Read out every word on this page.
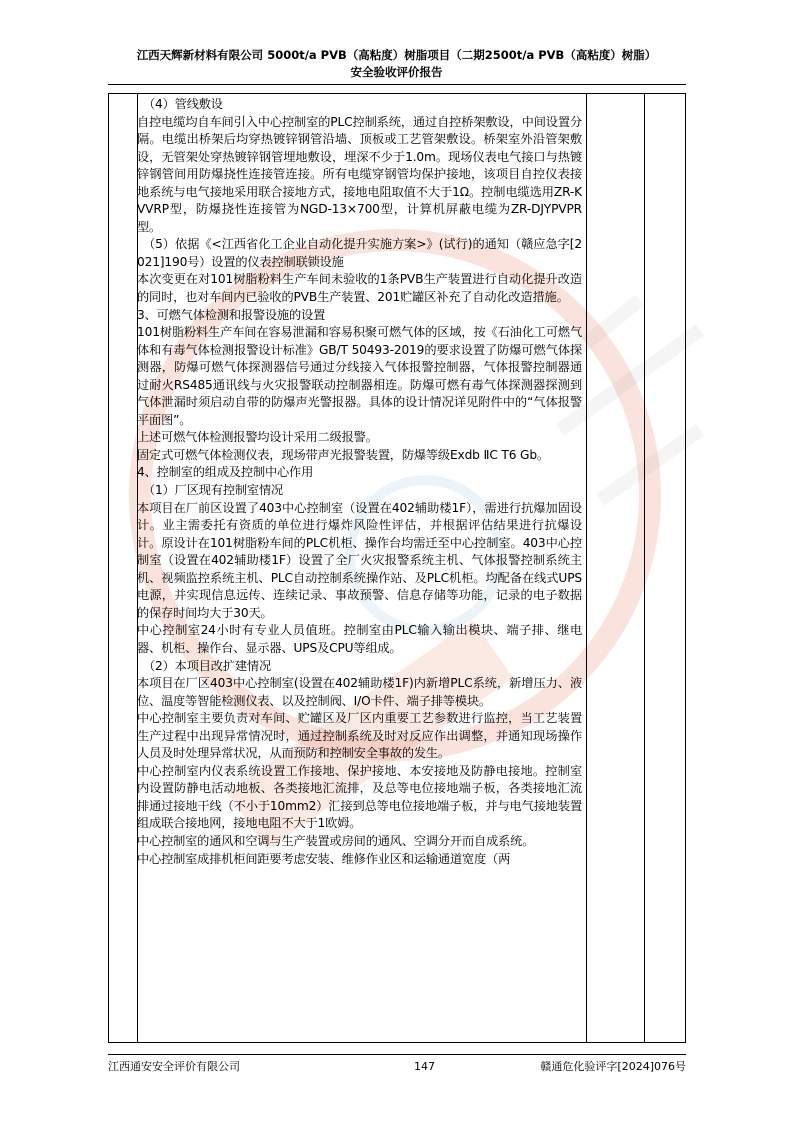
江西天辉新材料有限公司 5000t/a PVB（高粘度）树脂项目（二期2500t/a PVB（高粘度）树脂）
安全验收评价报告

（4）管线敷设

自控电缆均自车间引入中心控制室的PLC控制系统，通过自控桥架敷设，中间设置分隔。电缆出桥架后均穿热镀锌钢管沿墙、顶板或工艺管架敷设。桥架室外沿管架敷设，无管架处穿热镀锌钢管埋地敷设，埋深不少于1.0m。现场仪表电气接口与热镀锌钢管间用防爆挠性连接管连接。所有电缆穿钢管均保护接地，该项目自控仪表接地系统与电气接地采用联合接地方式，接地电阻取值不大于1Ω。控制电缆选用ZR-KVVRP型，防爆挠性连接管为NGD-13×700型，计算机屏蔽电缆为ZR-DJYPVPR型。

（5）依据《<江西省化工企业自动化提升实施方案>》(试行)的通知（赣应急字[2021]190号）设置的仪表控制联锁设施

本次变更在对101树脂粉料生产车间未验收的1条PVB生产装置进行自动化提升改造的同时，也对车间内已验收的PVB生产装置、201贮罐区补充了自动化改造措施。

3、可燃气体检测和报警设施的设置

101树脂粉料生产车间在容易泄漏和容易积聚可燃气体的区域，按《石油化工可燃气体和有毒气体检测报警设计标准》GB/T 50493-2019的要求设置了防爆可燃气体探测器，防爆可燃气体探测器信号通过分线接入气体报警控制器，气体报警控制器通过耐火RS485通讯线与火灾报警联动控制器相连。防爆可燃有毒气体探测器探测到气体泄漏时须启动自带的防爆声光警报器。具体的设计情况详见附件中的“气体报警平面图”。

上述可燃气体检测报警均设计采用二级报警。

固定式可燃气体检测仪表，现场带声光报警装置，防爆等级Exdb ⅡC T6 Gb。

4、控制室的组成及控制中心作用

（1）厂区现有控制室情况

本项目在厂前区设置了403中心控制室（设置在402辅助楼1F），需进行抗爆加固设计。业主需委托有资质的单位进行爆炸风险性评估，并根据评估结果进行抗爆设计。原设计在101树脂粉车间的PLC机柜、操作台均需迁至中心控制室。403中心控制室（设置在402辅助楼1F）设置了全厂火灾报警系统主机、气体报警控制系统主机、视频监控系统主机、PLC自动控制系统操作站、及PLC机柜。均配备在线式UPS电源，并实现信息远传、连续记录、事故预警、信息存储等功能，记录的电子数据的保存时间均大于30天。

中心控制室24小时有专业人员值班。控制室由PLC输入输出模块、端子排、继电器、机柜、操作台、显示器、UPS及CPU等组成。

（2）本项目改扩建情况

本项目在厂区403中心控制室(设置在402辅助楼1F)内新增PLC系统，新增压力、液位、温度等智能检测仪表、以及控制阀、I/O卡件、端子排等模块。

中心控制室主要负责对车间、贮罐区及厂区内重要工艺参数进行监控，当工艺装置生产过程中出现异常情况时，通过控制系统及时对反应作出调整，并通知现场操作人员及时处理异常状况，从而预防和控制安全事故的发生。

中心控制室内仪表系统设置工作接地、保护接地、本安接地及防静电接地。控制室内设置防静电活动地板、各类接地汇流排，及总等电位接地端子板，各类接地汇流排通过接地干线（不小于10mm2）汇接到总等电位接地端子板，并与电气接地装置组成联合接地网，接地电阻不大于1欧姆。

中心控制室的通风和空调与生产装置或房间的通风、空调分开而自成系统。

中心控制室成排机柜间距要考虑安装、维修作业区和运输通道宽度（两

江西通安安全评价有限公司	147	赣通危化验评字[2024]076号
